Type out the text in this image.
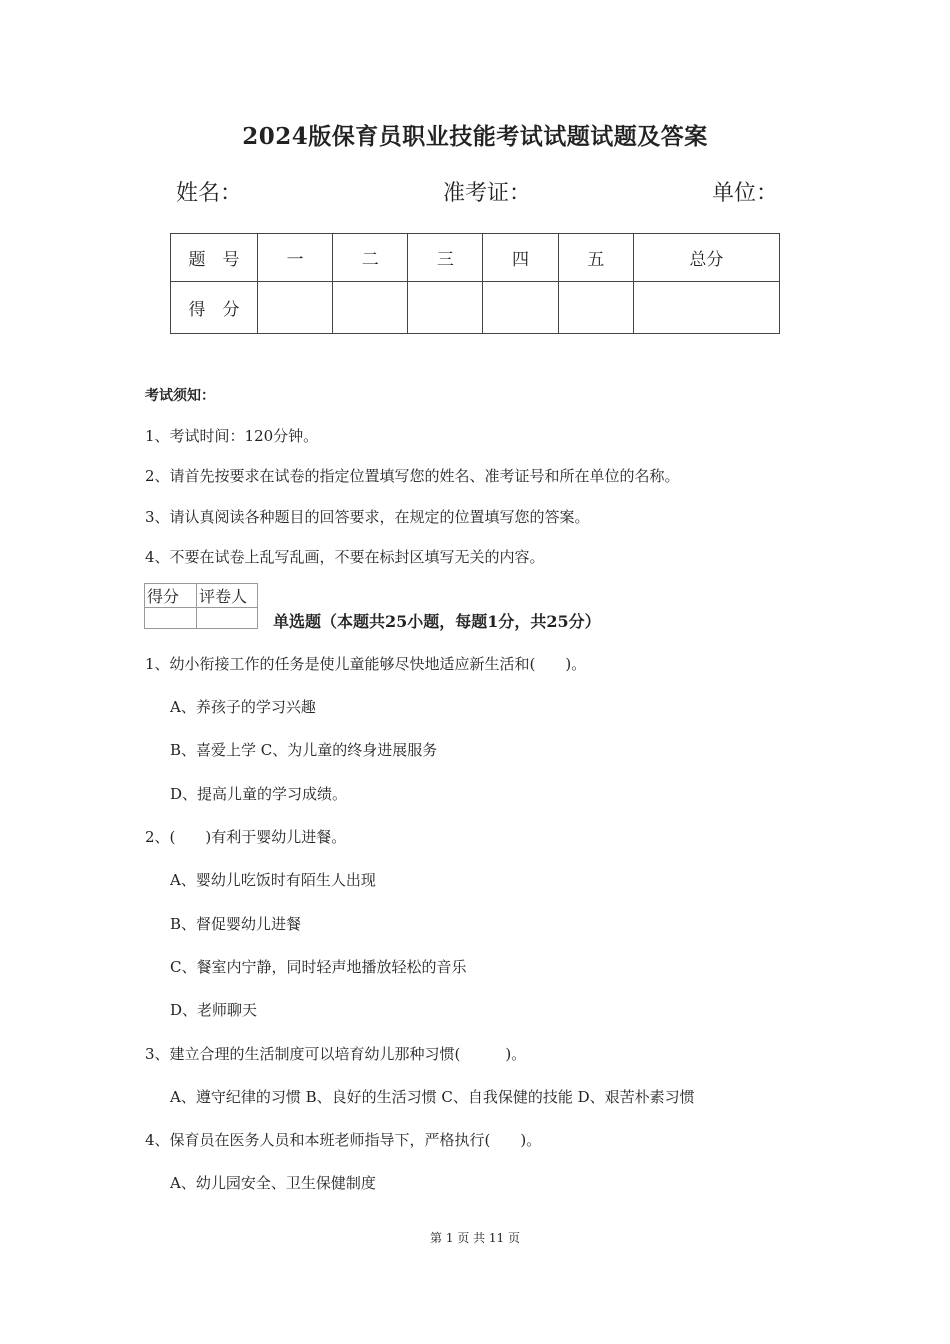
2024版保育员职业技能考试试题试题及答案
姓名：	准考证：	单位：
题　号	一	二	三	四	五	总分
得　分						
考试须知：
1、考试时间：120分钟。
2、请首先按要求在试卷的指定位置填写您的姓名、准考证号和所在单位的名称。
3、请认真阅读各种题目的回答要求，在规定的位置填写您的答案。
4、不要在试卷上乱写乱画，不要在标封区填写无关的内容。
得分	评卷人

单选题（本题共25小题，每题1分，共25分）
1、幼小衔接工作的任务是使儿童能够尽快地适应新生活和(　　)。
A、养孩子的学习兴趣
B、喜爱上学 C、为儿童的终身进展服务
D、提高儿童的学习成绩。
2、(　　)有利于婴幼儿进餐。
A、婴幼儿吃饭时有陌生人出现
B、督促婴幼儿进餐
C、餐室内宁静，同时轻声地播放轻松的音乐
D、老师聊天
3、建立合理的生活制度可以培育幼儿那种习惯(　　　)。
A、遵守纪律的习惯 B、良好的生活习惯 C、自我保健的技能 D、艰苦朴素习惯
4、保育员在医务人员和本班老师指导下，严格执行(　　)。
A、幼儿园安全、卫生保健制度
第 1 页 共 11 页
